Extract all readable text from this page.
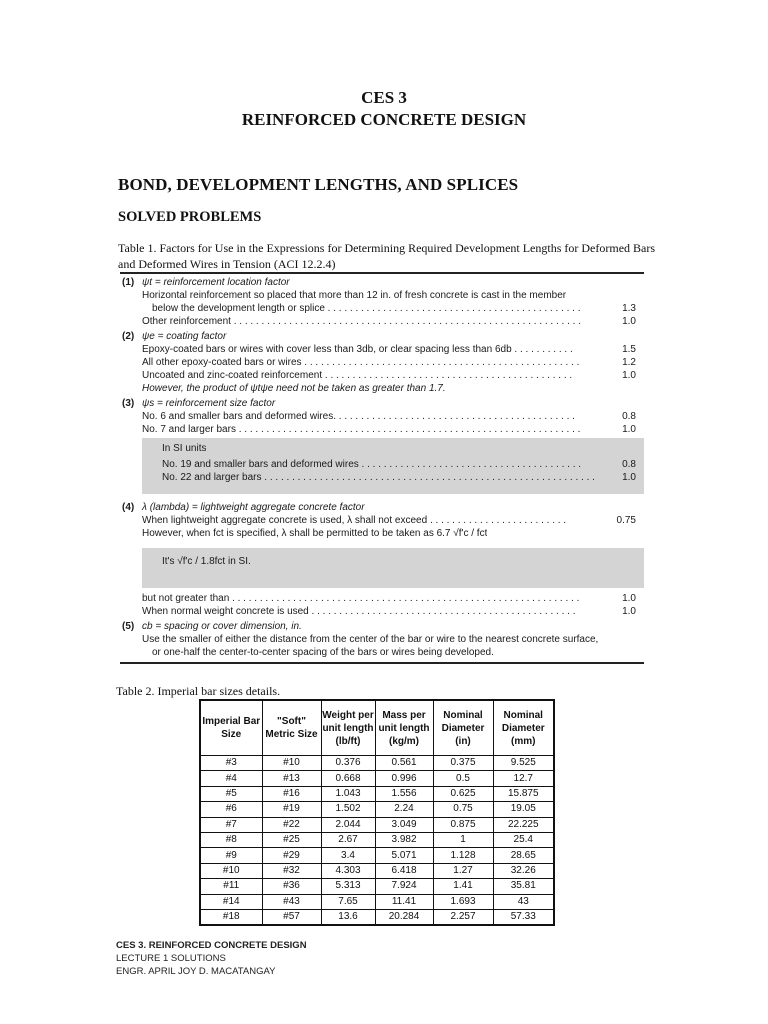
CES 3
REINFORCED CONCRETE DESIGN
BOND, DEVELOPMENT LENGTHS, AND SPLICES
SOLVED PROBLEMS
Table 1. Factors for Use in the Expressions for Determining Required Development Lengths for Deformed Bars and Deformed Wires in Tension (ACI 12.2.4)
(1) ψt = reinforcement location factor
Horizontal reinforcement so placed that more than 12 in. of fresh concrete is cast in the member
below the development length or splice . . . . . . . . . . . . . . . . . . . . . . . . . . . . . . . . . . . . . . . . . . . . . .	1.3
Other reinforcement . . . . . . . . . . . . . . . . . . . . . . . . . . . . . . . . . . . . . . . . . . . . . . . . . . . . . . . . . . . . . . .	1.0
(2) ψe = coating factor
Epoxy-coated bars or wires with cover less than 3db, or clear spacing less than 6db . . . . . . . . . . .	1.5
All other epoxy-coated bars or wires . . . . . . . . . . . . . . . . . . . . . . . . . . . . . . . . . . . . . . . . . . . . . . . . . .	1.2
Uncoated and zinc-coated reinforcement . . . . . . . . . . . . . . . . . . . . . . . . . . . . . . . . . . . . . . . . . . . . .	1.0
However, the product of ψtψe need not be taken as greater than 1.7.
(3) ψs = reinforcement size factor
No. 6 and smaller bars and deformed wires. . . . . . . . . . . . . . . . . . . . . . . . . . . . . . . . . . . . . . . . . . . .	0.8
No. 7 and larger bars . . . . . . . . . . . . . . . . . . . . . . . . . . . . . . . . . . . . . . . . . . . . . . . . . . . . . . . . . . . . . .	1.0
In SI units
No. 19 and smaller bars and deformed wires . . . . . . . . . . . . . . . . . . . . . . . . . . . . . . . . . . . . . . . .	0.8
No. 22 and larger bars . . . . . . . . . . . . . . . . . . . . . . . . . . . . . . . . . . . . . . . . . . . . . . . . . . . . . . . . . . . .	1.0
(4) λ (lambda) = lightweight aggregate concrete factor
When lightweight aggregate concrete is used, λ shall not exceed . . . . . . . . . . . . . . . . . . . . . . . . .	0.75
However, when fct is specified, λ shall be permitted to be taken as 6.7 √f'c / fct
It's √f'c / 1.8fct in SI.
but not greater than . . . . . . . . . . . . . . . . . . . . . . . . . . . . . . . . . . . . . . . . . . . . . . . . . . . . . . . . . . . . . . .	1.0
When normal weight concrete is used . . . . . . . . . . . . . . . . . . . . . . . . . . . . . . . . . . . . . . . . . . . . . . . .	1.0
(5) cb = spacing or cover dimension, in.
Use the smaller of either the distance from the center of the bar or wire to the nearest concrete surface,
or one-half the center-to-center spacing of the bars or wires being developed.
Table 2. Imperial bar sizes details.
Imperial Bar Size	"Soft" Metric Size	Weight per unit length (lb/ft)	Mass per unit length (kg/m)	Nominal Diameter (in)	Nominal Diameter (mm)
#3	#10	0.376	0.561	0.375	9.525
#4	#13	0.668	0.996	0.5	12.7
#5	#16	1.043	1.556	0.625	15.875
#6	#19	1.502	2.24	0.75	19.05
#7	#22	2.044	3.049	0.875	22.225
#8	#25	2.67	3.982	1	25.4
#9	#29	3.4	5.071	1.128	28.65
#10	#32	4.303	6.418	1.27	32.26
#11	#36	5.313	7.924	1.41	35.81
#14	#43	7.65	11.41	1.693	43
#18	#57	13.6	20.284	2.257	57.33
CES 3. REINFORCED CONCRETE DESIGN
LECTURE 1 SOLUTIONS
ENGR. APRIL JOY D. MACATANGAY
